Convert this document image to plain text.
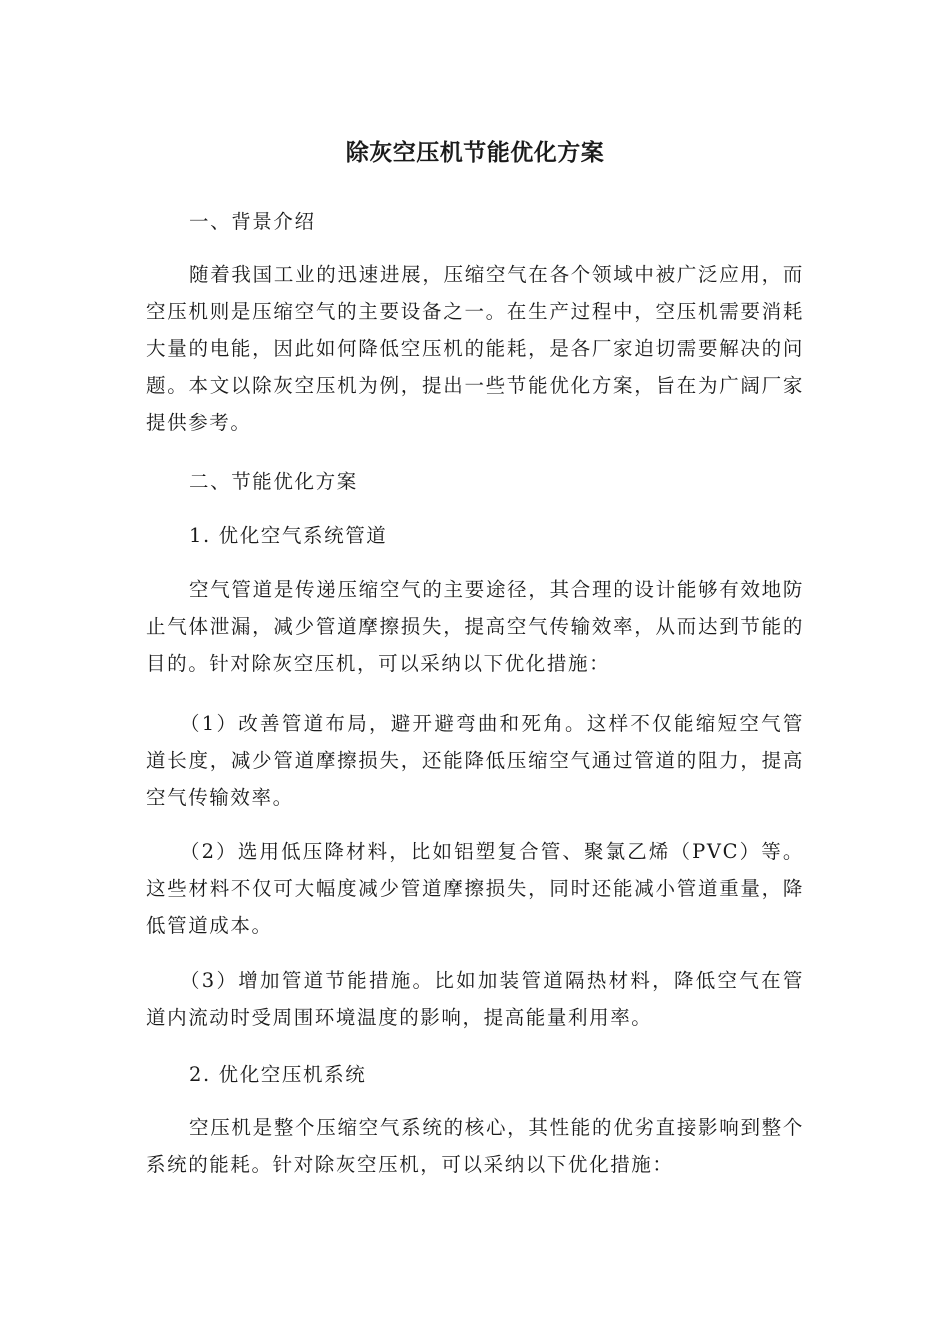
除灰空压机节能优化方案
一、背景介绍
随着我国工业的迅速进展，压缩空气在各个领域中被广泛应用，而空压机则是压缩空气的主要设备之一。在生产过程中，空压机需要消耗大量的电能，因此如何降低空压机的能耗，是各厂家迫切需要解决的问题。本文以除灰空压机为例，提出一些节能优化方案，旨在为广阔厂家提供参考。
二、节能优化方案
1. 优化空气系统管道
空气管道是传递压缩空气的主要途径，其合理的设计能够有效地防止气体泄漏，减少管道摩擦损失，提高空气传输效率，从而达到节能的目的。针对除灰空压机，可以采纳以下优化措施：
（1）改善管道布局，避开避弯曲和死角。这样不仅能缩短空气管道长度，减少管道摩擦损失，还能降低压缩空气通过管道的阻力，提高空气传输效率。
（2）选用低压降材料，比如铝塑复合管、聚氯乙烯（PVC）等。这些材料不仅可大幅度减少管道摩擦损失，同时还能减小管道重量，降低管道成本。
（3）增加管道节能措施。比如加装管道隔热材料，降低空气在管道内流动时受周围环境温度的影响，提高能量利用率。
2. 优化空压机系统
空压机是整个压缩空气系统的核心，其性能的优劣直接影响到整个系统的能耗。针对除灰空压机，可以采纳以下优化措施：
